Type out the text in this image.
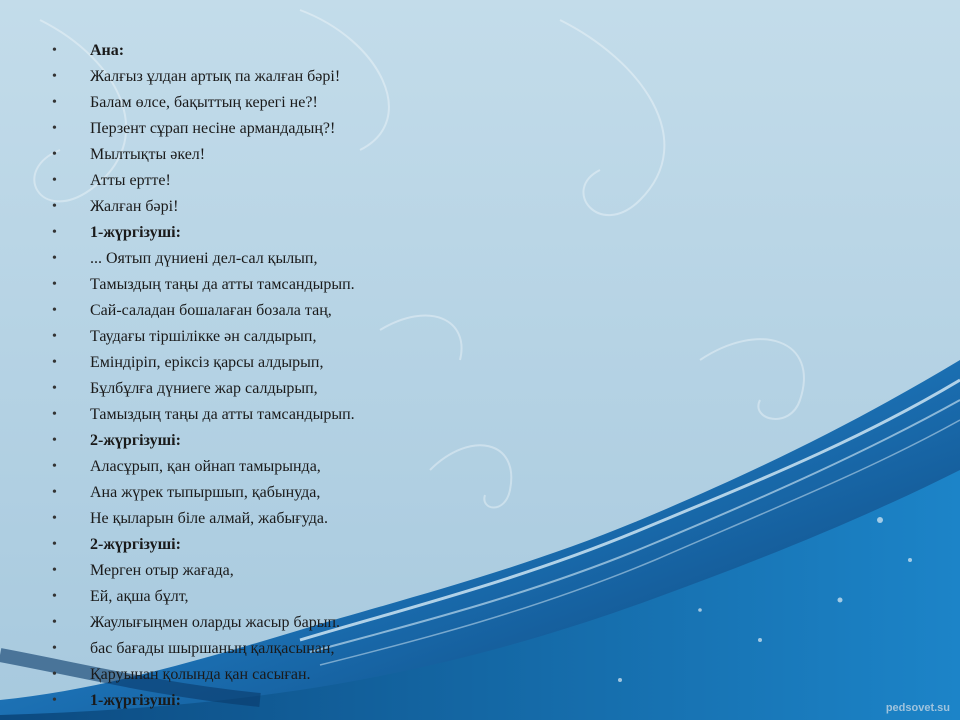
•	Ана:
•	Жалғыз ұлдан артық па жалған бәрі!
•	Балам өлсе, бақыттың керегі не?!
•	Перзент сұрап несіне армандадың?!
•	Мылтықты әкел!
•	Атты ертте!
•	Жалған бәрі!
•	1-жүргізуші:
•	... Оятып дүниені дел-сал қылып,
•	Тамыздың таңы да атты тамсандырып.
•	Сай-саладан бошалаған бозала таң,
•	Таудағы тіршілікке ән салдырып,
•	Еміндіріп, еріксіз қарсы алдырып,
•	Бұлбұлға дүниеге жар салдырып,
•	Тамыздың таңы да атты тамсандырып.
•	2-жүргізуші:
•	Аласұрып, қан ойнап тамырында,
•	Ана жүрек тыпыршып, қабынуда,
•	Не қыларын біле алмай, жабығуда.
•	2-жүргізуші:
•	Мерген отыр жағада,
•	Ей, ақша бұлт,
•	Жаулығыңмен оларды жасыр барып.
•	бас бағады шыршаның қалқасынан,
•	Қаруынан қолында қан сасыған.
•	1-жүргізуші:	pedsovet.su
